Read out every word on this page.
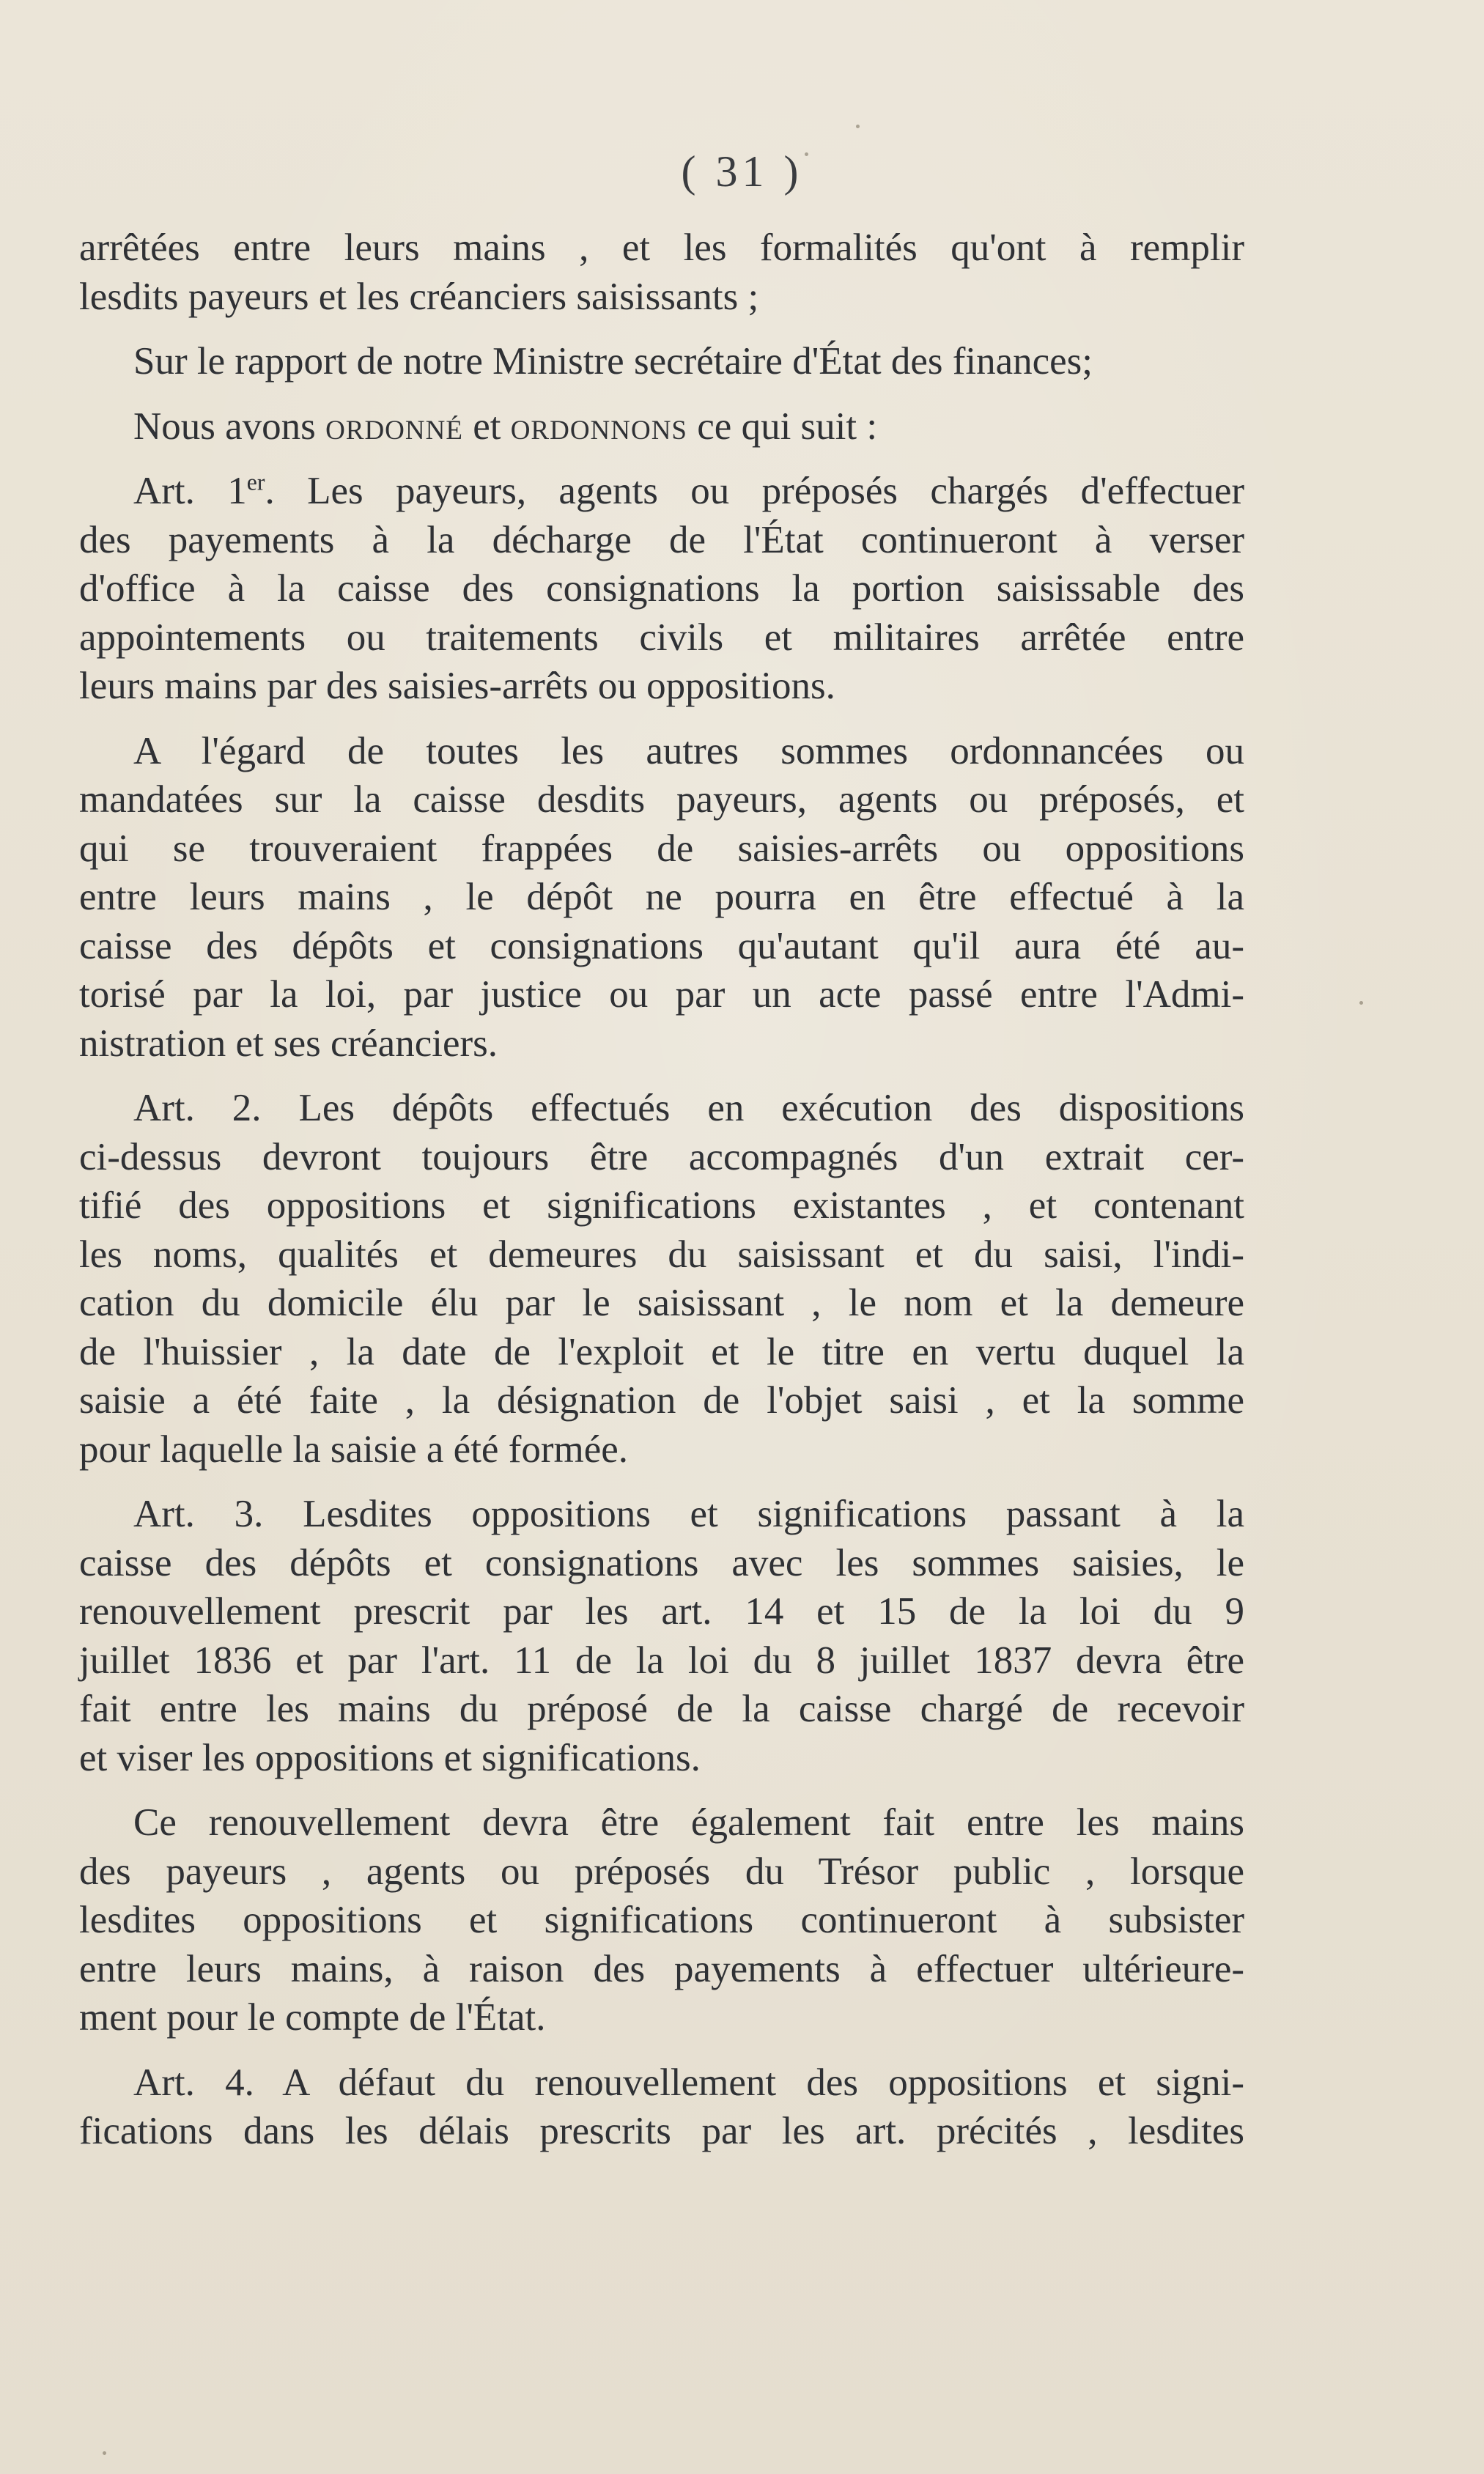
( 31 )
arrêtées entre leurs mains , et les formalités qu'ont à remplir
lesdits payeurs et les créanciers saisissants ;
Sur le rapport de notre Ministre secrétaire d'État des finances;
Nous avons ordonné et ordonnons ce qui suit :
Art. 1er. Les payeurs, agents ou préposés chargés d'effectuer
des payements à la décharge de l'État continueront à verser
d'office à la caisse des consignations la portion saisissable des
appointements ou traitements civils et militaires arrêtée entre
leurs mains par des saisies-arrêts ou oppositions.
A l'égard de toutes les autres sommes ordonnancées ou
mandatées sur la caisse desdits payeurs, agents ou préposés, et
qui se trouveraient frappées de saisies-arrêts ou oppositions
entre leurs mains , le dépôt ne pourra en être effectué à la
caisse des dépôts et consignations qu'autant qu'il aura été au-
torisé par la loi, par justice ou par un acte passé entre l'Admi-
nistration et ses créanciers.
Art. 2. Les dépôts effectués en exécution des dispositions
ci-dessus devront toujours être accompagnés d'un extrait cer-
tifié des oppositions et significations existantes , et contenant
les noms, qualités et demeures du saisissant et du saisi, l'indi-
cation du domicile élu par le saisissant , le nom et la demeure
de l'huissier , la date de l'exploit et le titre en vertu duquel la
saisie a été faite , la désignation de l'objet saisi , et la somme
pour laquelle la saisie a été formée.
Art. 3. Lesdites oppositions et significations passant à la
caisse des dépôts et consignations avec les sommes saisies, le
renouvellement prescrit par les art. 14 et 15 de la loi du 9
juillet 1836 et par l'art. 11 de la loi du 8 juillet 1837 devra être
fait entre les mains du préposé de la caisse chargé de recevoir
et viser les oppositions et significations.
Ce renouvellement devra être également fait entre les mains
des payeurs , agents ou préposés du Trésor public , lorsque
lesdites oppositions et significations continueront à subsister
entre leurs mains, à raison des payements à effectuer ultérieure-
ment pour le compte de l'État.
Art. 4. A défaut du renouvellement des oppositions et signi-
fications dans les délais prescrits par les art. précités , lesdites
